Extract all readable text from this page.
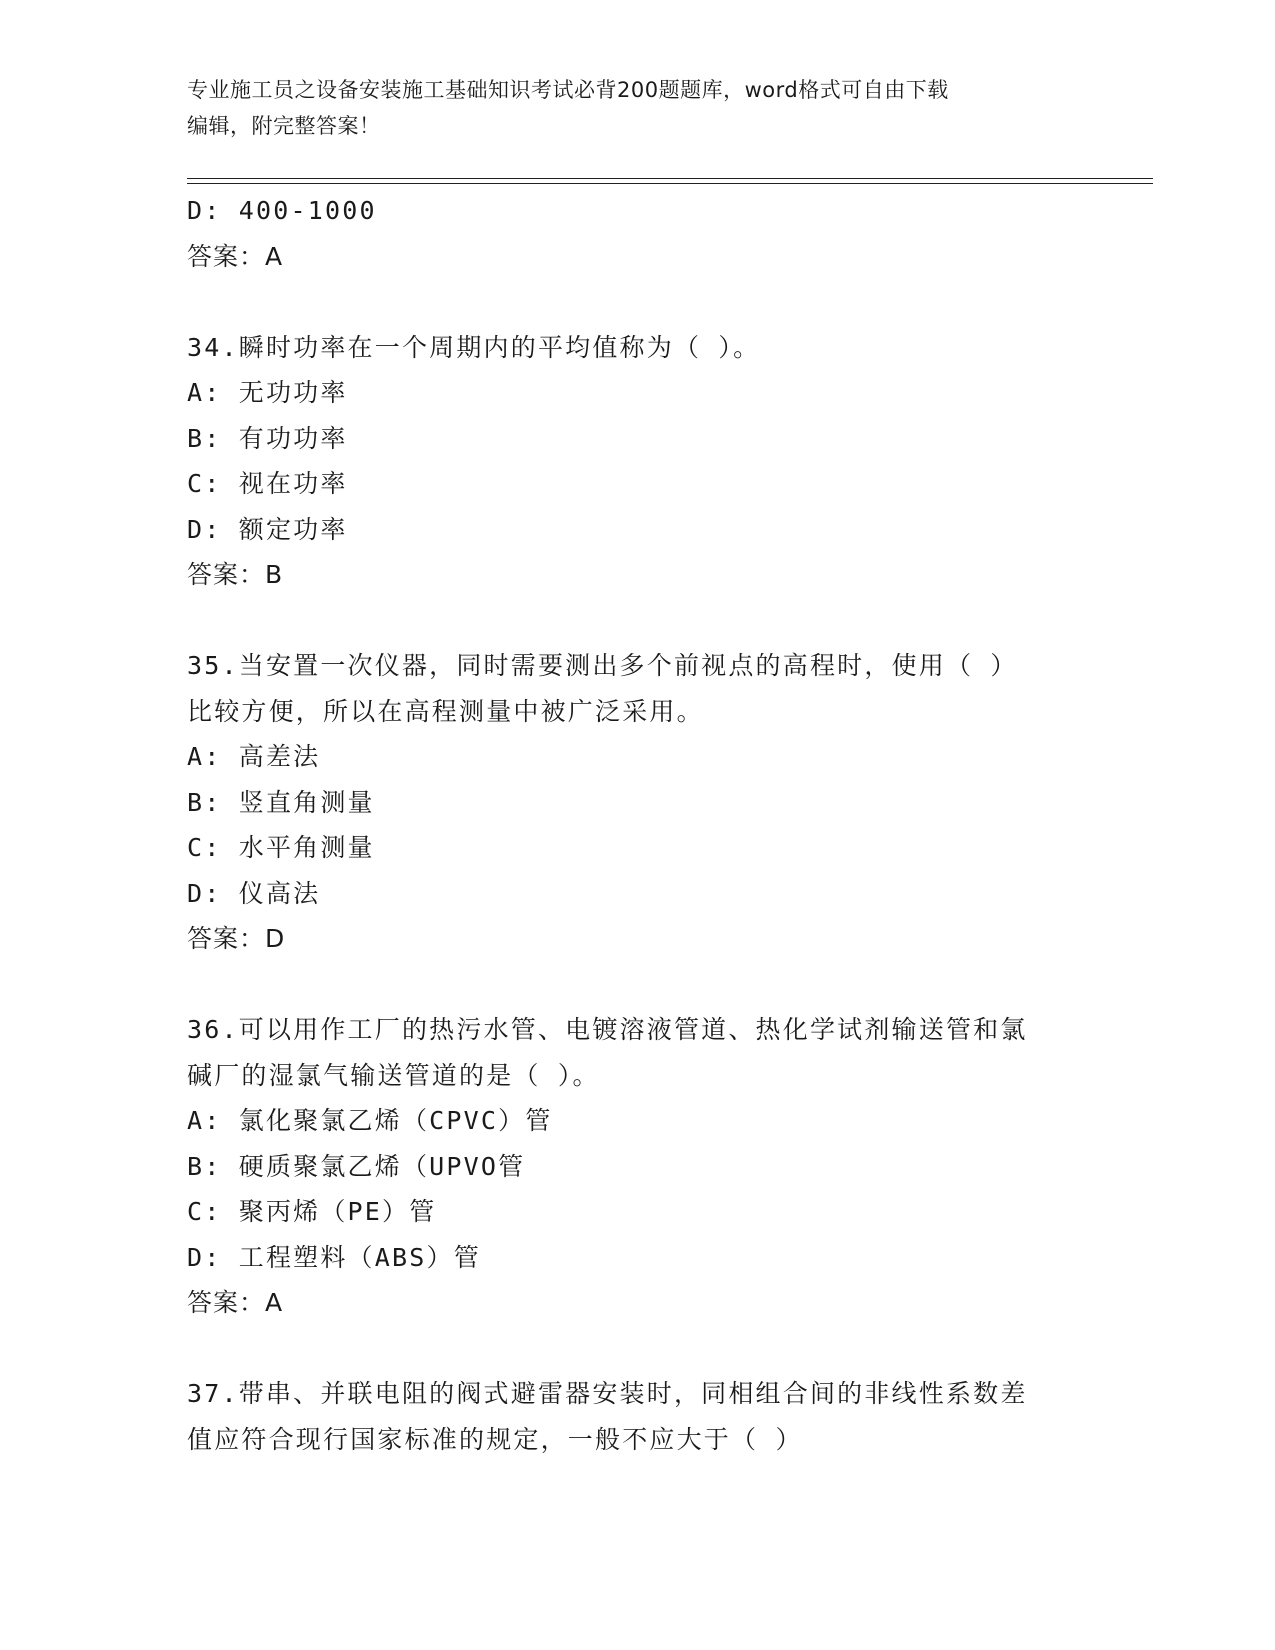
专业施工员之设备安装施工基础知识考试必背200题题库，word格式可自由下载
编辑，附完整答案！
D: 400-1000
答案：A
34.瞬时功率在一个周期内的平均值称为（ ）。
A: 无功功率
B: 有功功率
C: 视在功率
D: 额定功率
答案：B
35.当安置一次仪器，同时需要测出多个前视点的高程时，使用（ ）
比较方便，所以在高程测量中被广泛采用。
A: 高差法
B: 竖直角测量
C: 水平角测量
D: 仪高法
答案：D
36.可以用作工厂的热污水管、电镀溶液管道、热化学试剂输送管和氯
碱厂的湿氯气输送管道的是（ ）。
A: 氯化聚氯乙烯（CPVC）管
B: 硬质聚氯乙烯（UPVO管
C: 聚丙烯（PE）管
D: 工程塑料（ABS）管
答案：A
37.带串、并联电阻的阀式避雷器安装时，同相组合间的非线性系数差
值应符合现行国家标准的规定，一般不应大于（ ）
